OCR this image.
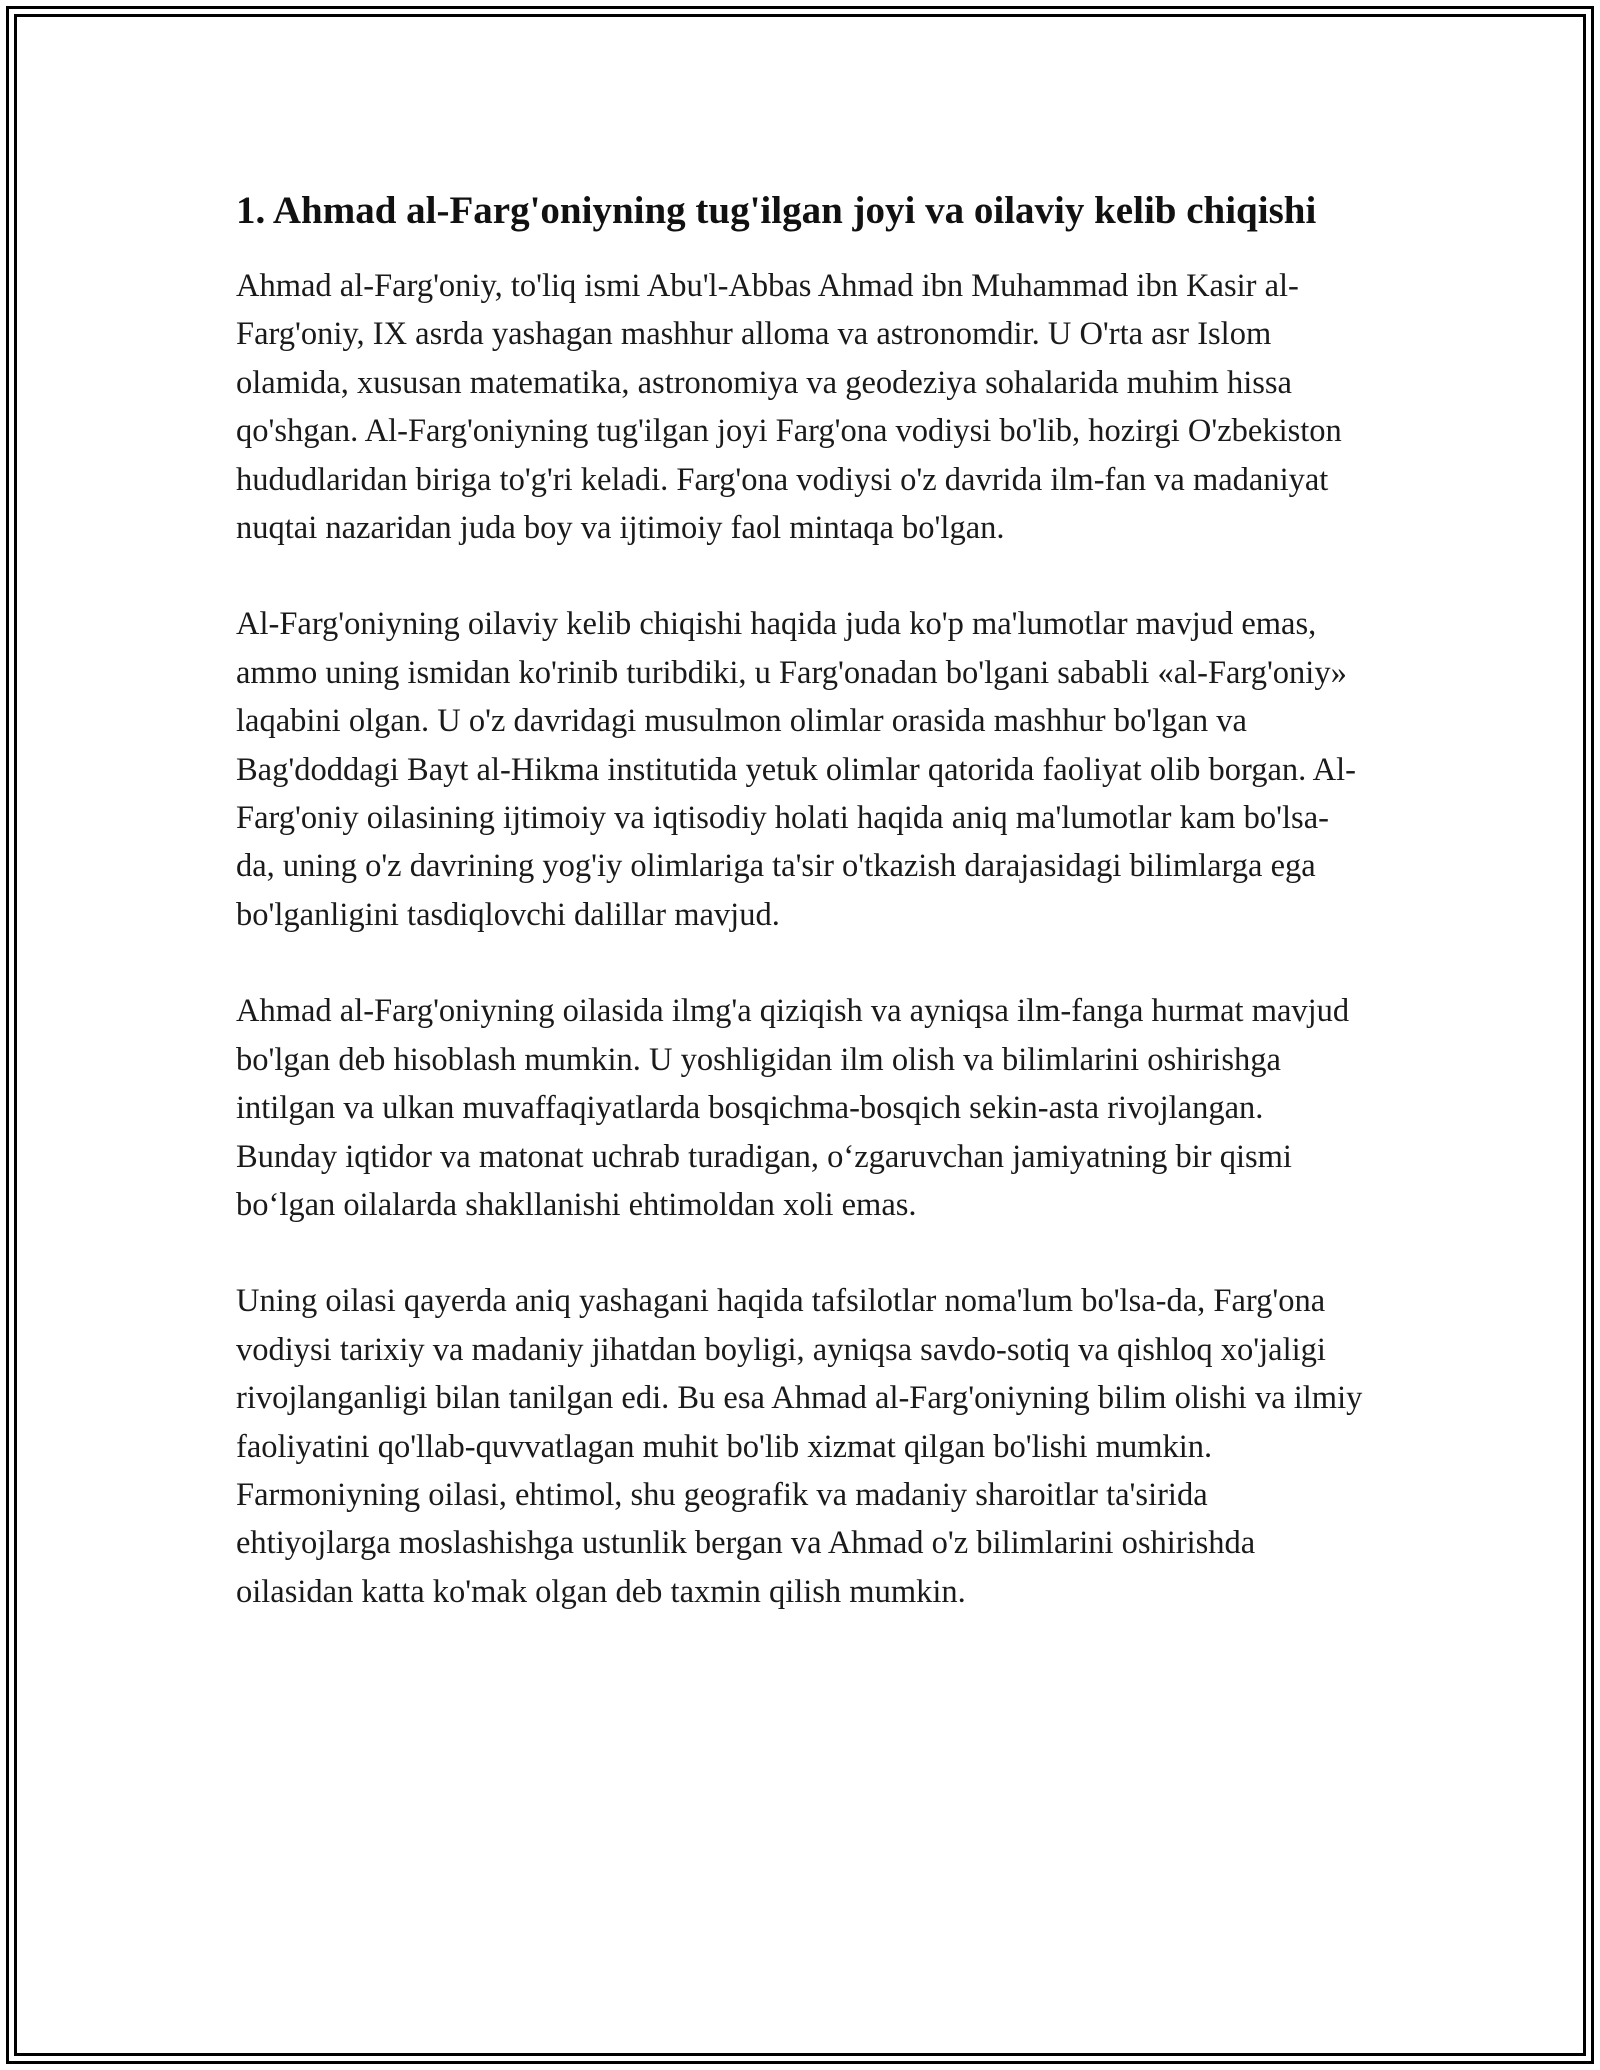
1. Ahmad al-Farg'oniyning tug'ilgan joyi va oilaviy kelib chiqishi

Ahmad al-Farg'oniy, to'liq ismi Abu'l-Abbas Ahmad ibn Muhammad ibn Kasir al-Farg'oniy, IX asrda yashagan mashhur alloma va astronomdir. U O'rta asr Islom olamida, xususan matematika, astronomiya va geodeziya sohalarida muhim hissa qo'shgan. Al-Farg'oniyning tug'ilgan joyi Farg'ona vodiysi bo'lib, hozirgi O'zbekiston hududlaridan biriga to'g'ri keladi. Farg'ona vodiysi o'z davrida ilm-fan va madaniyat nuqtai nazaridan juda boy va ijtimoiy faol mintaqa bo'lgan.

Al-Farg'oniyning oilaviy kelib chiqishi haqida juda ko'p ma'lumotlar mavjud emas, ammo uning ismidan ko'rinib turibdiki, u Farg'onadan bo'lgani sababli «al-Farg'oniy» laqabini olgan. U o'z davridagi musulmon olimlar orasida mashhur bo'lgan va Bag'doddagi Bayt al-Hikma institutida yetuk olimlar qatorida faoliyat olib borgan. Al-Farg'oniy oilasining ijtimoiy va iqtisodiy holati haqida aniq ma'lumotlar kam bo'lsa-da, uning o'z davrining yog'iy olimlariga ta'sir o'tkazish darajasidagi bilimlarga ega bo'lganligini tasdiqlovchi dalillar mavjud.

Ahmad al-Farg'oniyning oilasida ilmg'a qiziqish va ayniqsa ilm-fanga hurmat mavjud bo'lgan deb hisoblash mumkin. U yoshligidan ilm olish va bilimlarini oshirishga intilgan va ulkan muvaffaqiyatlarda bosqichma-bosqich sekin-asta rivojlangan. Bunday iqtidor va matonat uchrab turadigan, o‘zgaruvchan jamiyatning bir qismi bo‘lgan oilalarda shakllanishi ehtimoldan xoli emas.

Uning oilasi qayerda aniq yashagani haqida tafsilotlar noma'lum bo'lsa-da, Farg'ona vodiysi tarixiy va madaniy jihatdan boyligi, ayniqsa savdo-sotiq va qishloq xo'jaligi rivojlanganligi bilan tanilgan edi. Bu esa Ahmad al-Farg'oniyning bilim olishi va ilmiy faoliyatini qo'llab-quvvatlagan muhit bo'lib xizmat qilgan bo'lishi mumkin. Farmoniyning oilasi, ehtimol, shu geografik va madaniy sharoitlar ta'sirida ehtiyojlarga moslashishga ustunlik bergan va Ahmad o'z bilimlarini oshirishda oilasidan katta ko'mak olgan deb taxmin qilish mumkin.
